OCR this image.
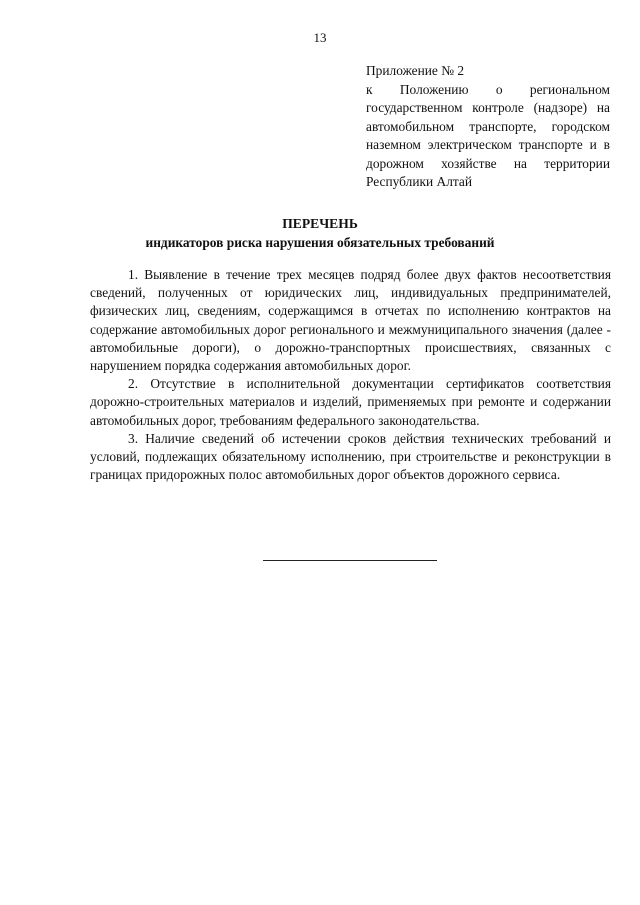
13
Приложение № 2
к Положению о региональном государственном контроле (надзоре) на автомобильном транспорте, городском наземном электрическом транспорте и в дорожном хозяйстве на территории Республики Алтай
ПЕРЕЧЕНЬ
индикаторов риска нарушения обязательных требований

1. Выявление в течение трех месяцев подряд более двух фактов несоответствия сведений, полученных от юридических лиц, индивидуальных предпринимателей, физических лиц, сведениям, содержащимся в отчетах по исполнению контрактов на содержание автомобильных дорог регионального и межмуниципального значения (далее - автомобильные дороги), о дорожно-транспортных происшествиях, связанных с нарушением порядка содержания автомобильных дорог.

2. Отсутствие в исполнительной документации сертификатов соответствия дорожно-строительных материалов и изделий, применяемых при ремонте и содержании автомобильных дорог, требованиям федерального законодательства.

3. Наличие сведений об истечении сроков действия технических требований и условий, подлежащих обязательному исполнению, при строительстве и реконструкции в границах придорожных полос автомобильных дорог объектов дорожного сервиса.
